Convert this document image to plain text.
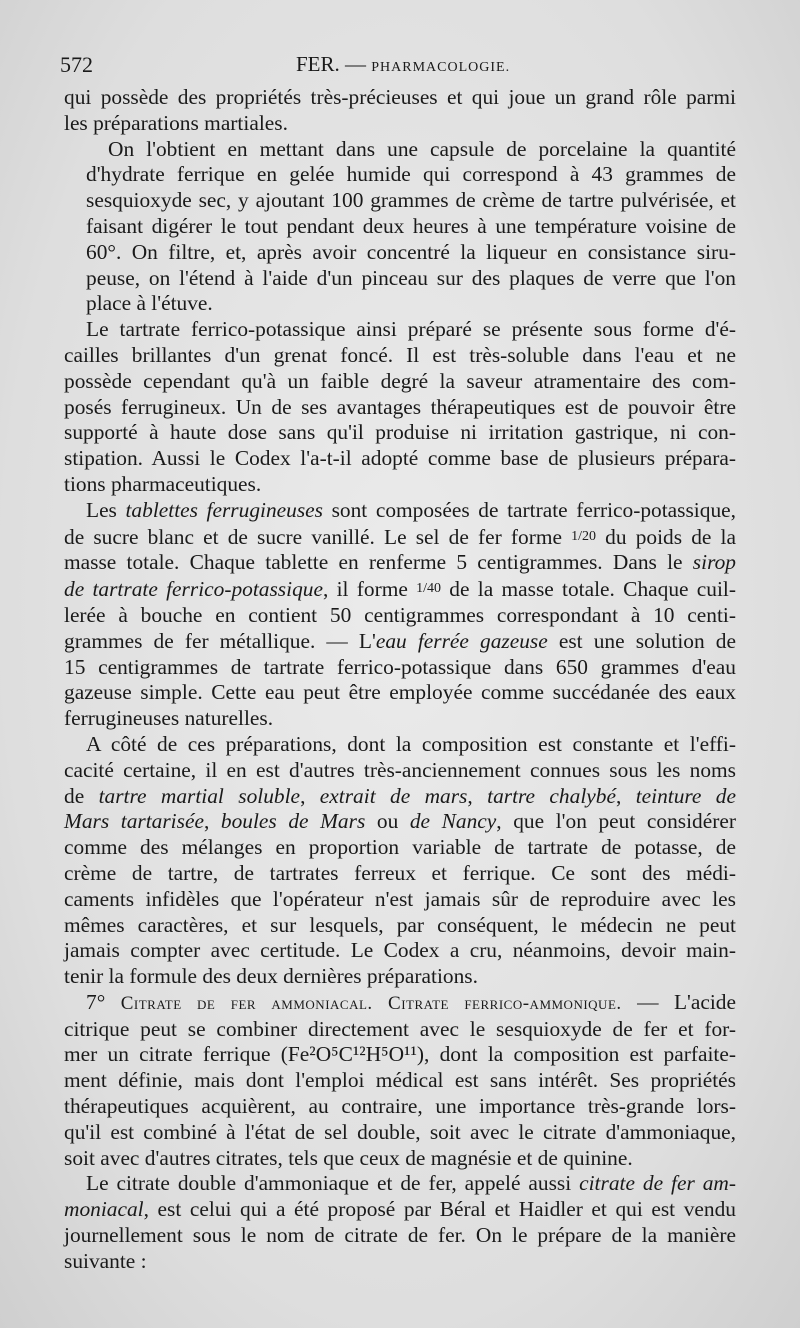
572	FER. — PHARMACOLOGIE.

qui possède des propriétés très-précieuses et qui joue un grand rôle parmi
les préparations martiales.

On l'obtient en mettant dans une capsule de porcelaine la quantité
d'hydrate ferrique en gelée humide qui correspond à 43 grammes de
sesquioxyde sec, y ajoutant 100 grammes de crème de tartre pulvérisée, et
faisant digérer le tout pendant deux heures à une température voisine de
60°. On filtre, et, après avoir concentré la liqueur en consistance siru-
peuse, on l'étend à l'aide d'un pinceau sur des plaques de verre que l'on
place à l'étuve.

Le tartrate ferrico-potassique ainsi préparé se présente sous forme d'é-
cailles brillantes d'un grenat foncé. Il est très-soluble dans l'eau et ne
possède cependant qu'à un faible degré la saveur atramentaire des com-
posés ferrugineux. Un de ses avantages thérapeutiques est de pouvoir être
supporté à haute dose sans qu'il produise ni irritation gastrique, ni con-
stipation. Aussi le Codex l'a-t-il adopté comme base de plusieurs prépara-
tions pharmaceutiques.

Les tablettes ferrugineuses sont composées de tartrate ferrico-potassique,
de sucre blanc et de sucre vanillé. Le sel de fer forme 1/20 du poids de la
masse totale. Chaque tablette en renferme 5 centigrammes. Dans le sirop
de tartrate ferrico-potassique, il forme 1/40 de la masse totale. Chaque cuil-
lerée à bouche en contient 50 centigrammes correspondant à 10 centi-
grammes de fer métallique. — L'eau ferrée gazeuse est une solution de
15 centigrammes de tartrate ferrico-potassique dans 650 grammes d'eau
gazeuse simple. Cette eau peut être employée comme succédanée des eaux
ferrugineuses naturelles.

A côté de ces préparations, dont la composition est constante et l'effi-
cacité certaine, il en est d'autres très-anciennement connues sous les noms
de tartre martial soluble, extrait de mars, tartre chalybé, teinture de
Mars tartarisée, boules de Mars ou de Nancy, que l'on peut considérer
comme des mélanges en proportion variable de tartrate de potasse, de
crème de tartre, de tartrates ferreux et ferrique. Ce sont des médi-
caments infidèles que l'opérateur n'est jamais sûr de reproduire avec les
mêmes caractères, et sur lesquels, par conséquent, le médecin ne peut
jamais compter avec certitude. Le Codex a cru, néanmoins, devoir main-
tenir la formule des deux dernières préparations.

7° Citrate de fer ammoniacal. Citrate ferrico-ammonique. — L'acide
citrique peut se combiner directement avec le sesquioxyde de fer et for-
mer un citrate ferrique (Fe²O⁵C¹²H⁵O¹¹), dont la composition est parfaite-
ment définie, mais dont l'emploi médical est sans intérêt. Ses propriétés
thérapeutiques acquièrent, au contraire, une importance très-grande lors-
qu'il est combiné à l'état de sel double, soit avec le citrate d'ammoniaque,
soit avec d'autres citrates, tels que ceux de magnésie et de quinine.

Le citrate double d'ammoniaque et de fer, appelé aussi citrate de fer am-
moniacal, est celui qui a été proposé par Béral et Haidler et qui est vendu
journellement sous le nom de citrate de fer. On le prépare de la manière
suivante :
